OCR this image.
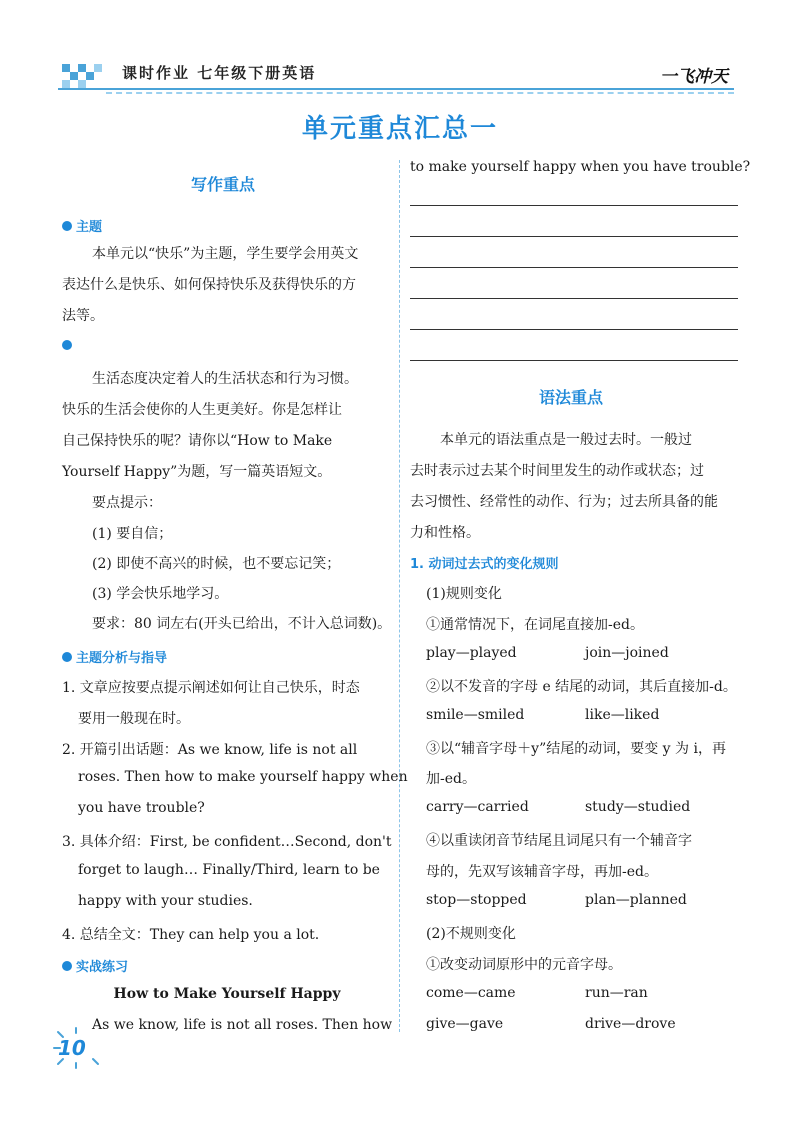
课时作业 七年级下册英语	一飞冲天
单元重点汇总一
写作重点
主题
本单元以“快乐”为主题，学生要学会用英文
表达什么是快乐、如何保持快乐及获得快乐的方
法等。
生活态度决定着人的生活状态和行为习惯。
快乐的生活会使你的人生更美好。你是怎样让
自己保持快乐的呢？请你以“How to Make
Yourself Happy”为题，写一篇英语短文。
要点提示：
(1) 要自信；
(2) 即使不高兴的时候，也不要忘记笑；
(3) 学会快乐地学习。
要求：80 词左右(开头已给出，不计入总词数)。
主题分析与指导
1. 文章应按要点提示阐述如何让自己快乐，时态
要用一般现在时。
2. 开篇引出话题：As we know, life is not all
roses. Then how to make yourself happy when
you have trouble?
3. 具体介绍：First, be confident…Second, don't
forget to laugh… Finally/Third, learn to be
happy with your studies.
4. 总结全文：They can help you a lot.
实战练习
How to Make Yourself Happy
As we know, life is not all roses. Then how
10
to make yourself happy when you have trouble?
语法重点
本单元的语法重点是一般过去时。一般过
去时表示过去某个时间里发生的动作或状态；过
去习惯性、经常性的动作、行为；过去所具备的能
力和性格。
1. 动词过去式的变化规则
(1)规则变化
①通常情况下，在词尾直接加-ed。
play—played	join—joined
②以不发音的字母 e 结尾的动词，其后直接加-d。
smile—smiled	like—liked
③以“辅音字母＋y”结尾的动词，要变 y 为 i，再
加-ed。
carry—carried	study—studied
④以重读闭音节结尾且词尾只有一个辅音字
母的，先双写该辅音字母，再加-ed。
stop—stopped	plan—planned
(2)不规则变化
①改变动词原形中的元音字母。
come—came	run—ran
give—gave	drive—drove
